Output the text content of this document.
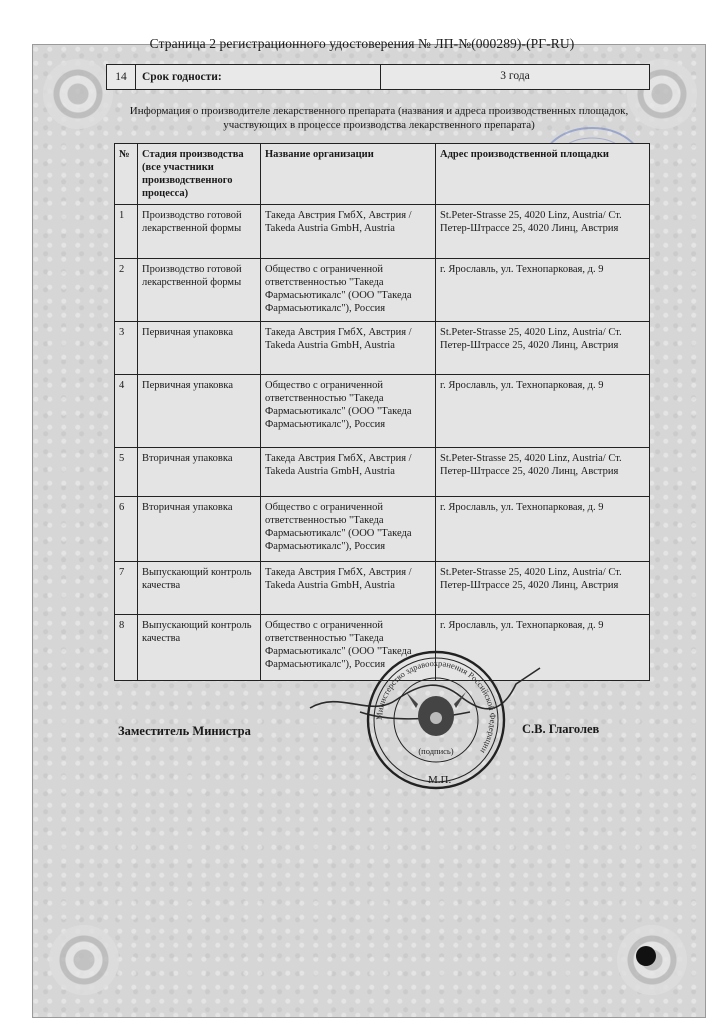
Страница 2 регистрационного удостоверения № ЛП-№(000289)-(РГ-RU)
14	Срок годности:	3 года
Информация о производителе лекарственного препарата (названия и адреса производственных площадок, участвующих в процессе производства лекарственного препарата)
№	Стадия производства (все участники производственного процесса)	Название организации	Адрес производственной площадки
1	Производство готовой лекарственной формы	Такеда Австрия ГмбХ, Австрия / Takeda Austria GmbH, Austria	St.Peter-Strasse 25, 4020 Linz, Austria/ Ст. Петер-Штрассе 25, 4020 Линц, Австрия
2	Производство готовой лекарственной формы	Общество с ограниченной ответственностью "Такеда Фармасьютикалс" (ООО "Такеда Фармасьютикалс"), Россия	г. Ярославль, ул. Технопарковая, д. 9
3	Первичная упаковка	Такеда Австрия ГмбХ, Австрия / Takeda Austria GmbH, Austria	St.Peter-Strasse 25, 4020 Linz, Austria/ Ст. Петер-Штрассе 25, 4020 Линц, Австрия
4	Первичная упаковка	Общество с ограниченной ответственностью "Такеда Фармасьютикалс" (ООО "Такеда Фармасьютикалс"), Россия	г. Ярославль, ул. Технопарковая, д. 9
5	Вторичная упаковка	Такеда Австрия ГмбХ, Австрия / Takeda Austria GmbH, Austria	St.Peter-Strasse 25, 4020 Linz, Austria/ Ст. Петер-Штрассе 25, 4020 Линц, Австрия
6	Вторичная упаковка	Общество с ограниченной ответственностью "Такеда Фармасьютикалс" (ООО "Такеда Фармасьютикалс"), Россия	г. Ярославль, ул. Технопарковая, д. 9
7	Выпускающий контроль качества	Такеда Австрия ГмбХ, Австрия / Takeda Austria GmbH, Austria	St.Peter-Strasse 25, 4020 Linz, Austria/ Ст. Петер-Штрассе 25, 4020 Линц, Австрия
8	Выпускающий контроль качества	Общество с ограниченной ответственностью "Такеда Фармасьютикалс" (ООО "Такеда Фармасьютикалс"), Россия	г. Ярославль, ул. Технопарковая, д. 9
Заместитель Министра	С.В. Глаголев
Министерство здравоохранения Российской Федерации
(подпись)
М.П.
